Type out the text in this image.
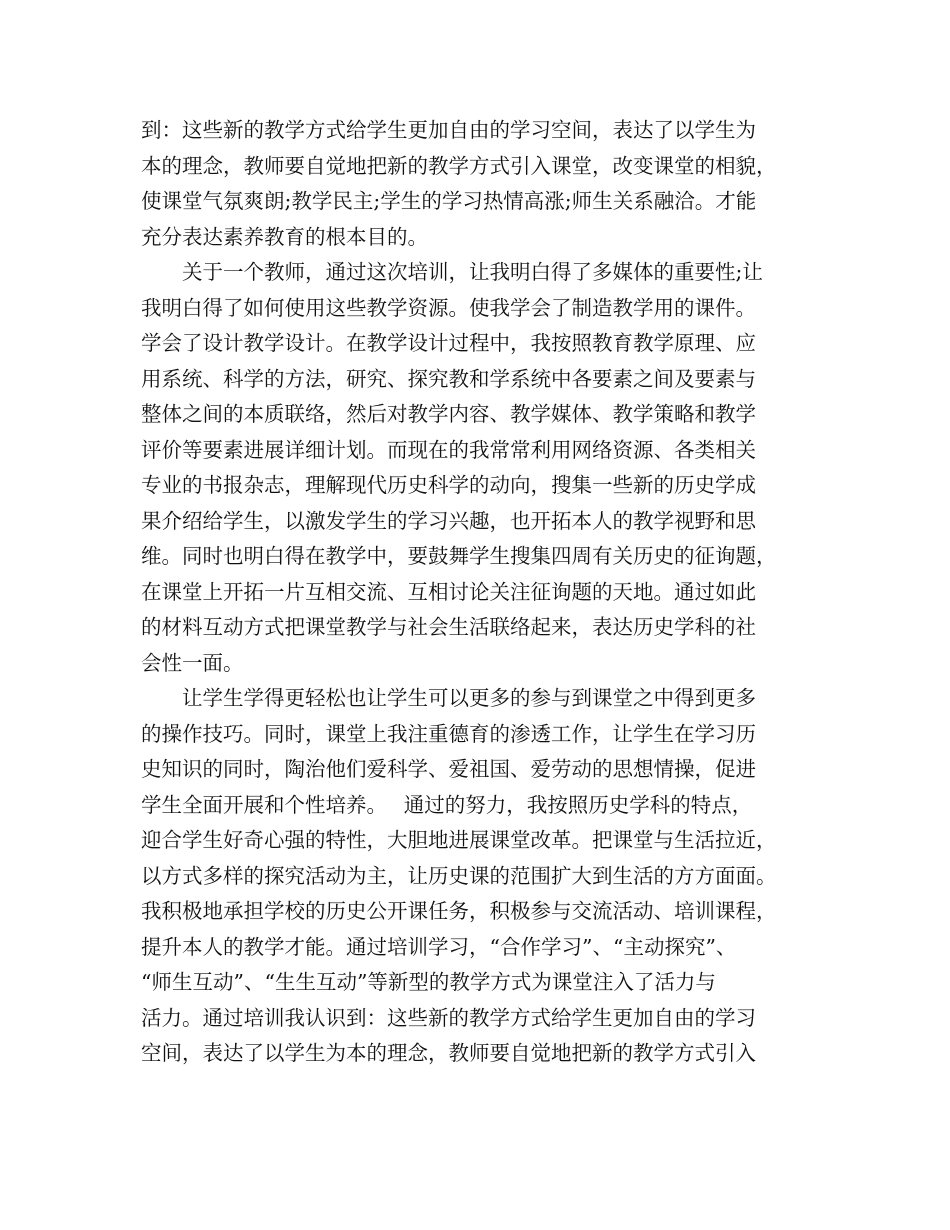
到：这些新的教学方式给学生更加自由的学习空间，表达了以学生为
本的理念，教师要自觉地把新的教学方式引入课堂，改变课堂的相貌，
使课堂气氛爽朗;教学民主;学生的学习热情高涨;师生关系融洽。才能
充分表达素养教育的根本目的。
关于一个教师，通过这次培训，让我明白得了多媒体的重要性;让
我明白得了如何使用这些教学资源。使我学会了制造教学用的课件。
学会了设计教学设计。在教学设计过程中，我按照教育教学原理、应
用系统、科学的方法，研究、探究教和学系统中各要素之间及要素与
整体之间的本质联络，然后对教学内容、教学媒体、教学策略和教学
评价等要素进展详细计划。而现在的我常常利用网络资源、各类相关
专业的书报杂志，理解现代历史科学的动向，搜集一些新的历史学成
果介绍给学生，以激发学生的学习兴趣，也开拓本人的教学视野和思
维。同时也明白得在教学中，要鼓舞学生搜集四周有关历史的征询题，
在课堂上开拓一片互相交流、互相讨论关注征询题的天地。通过如此
的材料互动方式把课堂教学与社会生活联络起来，表达历史学科的社
会性一面。
让学生学得更轻松也让学生可以更多的参与到课堂之中得到更多
的操作技巧。同时，课堂上我注重德育的渗透工作，让学生在学习历
史知识的同时，陶治他们爱科学、爱祖国、爱劳动的思想情操，促进
学生全面开展和个性培养。　 通过的努力，我按照历史学科的特点，
迎合学生好奇心强的特性，大胆地进展课堂改革。把课堂与生活拉近，
以方式多样的探究活动为主，让历史课的范围扩大到生活的方方面面。
我积极地承担学校的历史公开课任务，积极参与交流活动、培训课程，
提升本人的教学才能。通过培训学习，“合作学习”、“主动探究”、
“师生互动”、“生生互动”等新型的教学方式为课堂注入了活力与
活力。通过培训我认识到：这些新的教学方式给学生更加自由的学习
空间，表达了以学生为本的理念，教师要自觉地把新的教学方式引入
